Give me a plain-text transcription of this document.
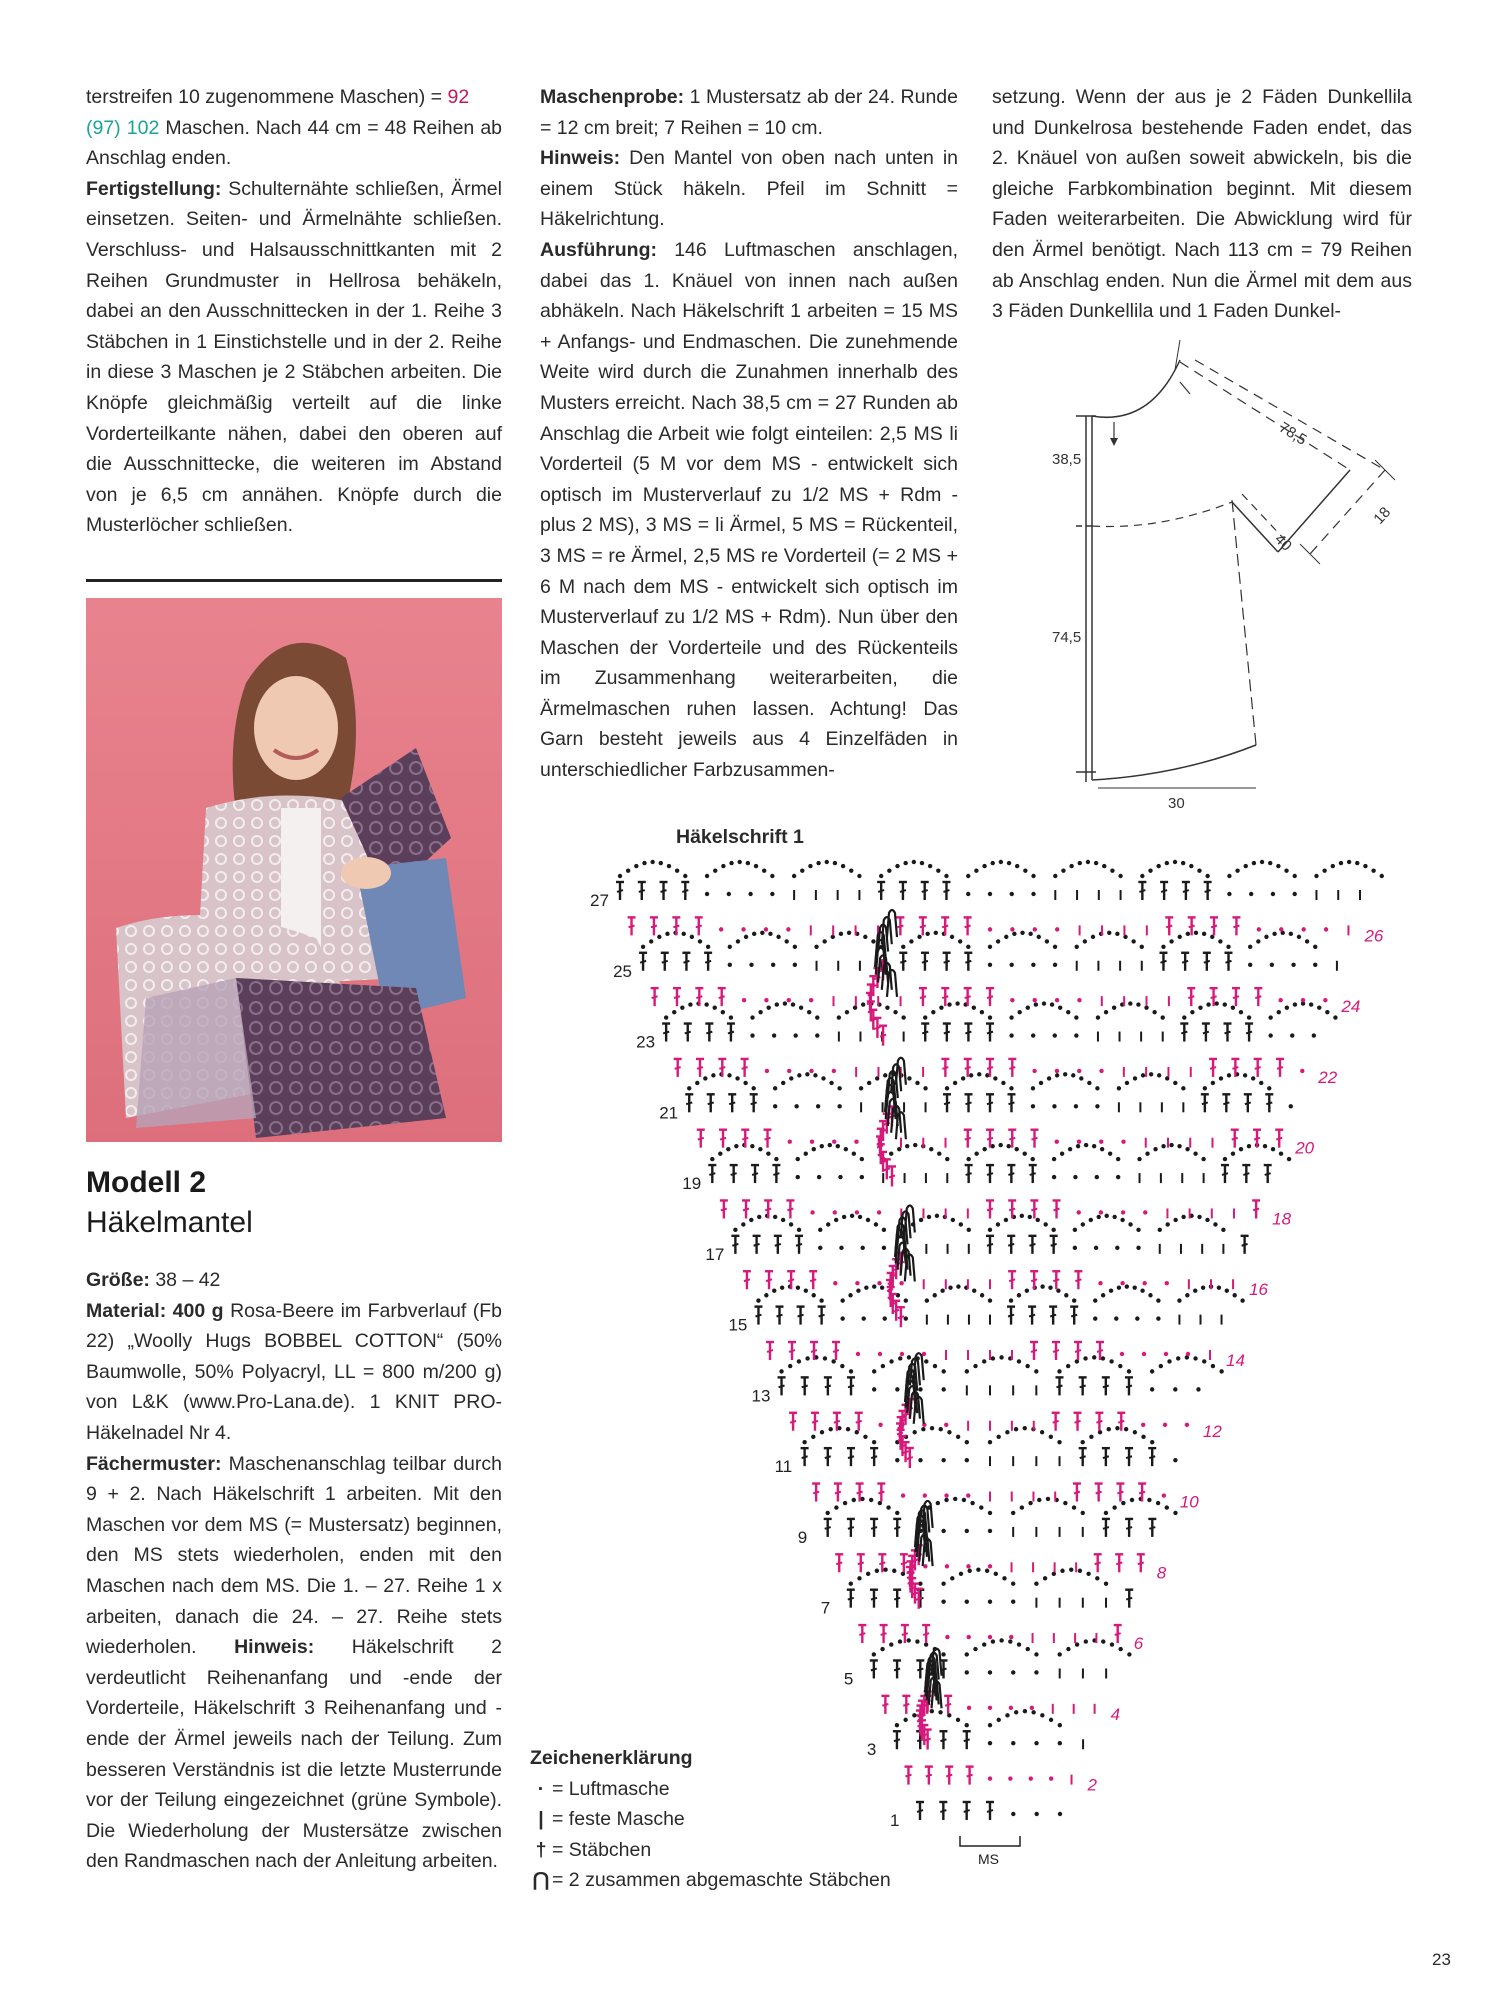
terstreifen 10 zugenommene Maschen) = 92
(97) 102 Maschen. Nach 44 cm = 48 Reihen ab Anschlag enden.

Fertigstellung: Schulternähte schließen, Ärmel einsetzen. Seiten- und Ärmelnähte schließen. Verschluss- und Halsausschnittkanten mit 2 Reihen Grundmuster in Hellrosa behäkeln, dabei an den Ausschnittecken in der 1. Reihe 3 Stäbchen in 1 Einstichstelle und in der 2. Reihe in diese 3 Maschen je 2 Stäbchen arbeiten. Die Knöpfe gleichmäßig verteilt auf die linke Vorderteilkante nähen, dabei den oberen auf die Ausschnittecke, die weiteren im Abstand von je 6,5 cm annähen. Knöpfe durch die Musterlöcher schließen.

Modell 2
Häkelmantel

Größe: 38 – 42

Material: 400 g Rosa-Beere im Farbverlauf (Fb 22) „Woolly Hugs BOBBEL COTTON“ (50% Baumwolle, 50% Polyacryl, LL = 800 m/200 g) von L&K (www.Pro-Lana.de). 1 KNIT PRO-Häkelnadel Nr 4.

Fächermuster: Maschenanschlag teilbar durch 9 + 2. Nach Häkelschrift 1 arbeiten. Mit den Maschen vor dem MS (= Mustersatz) beginnen, den MS stets wiederholen, enden mit den Maschen nach dem MS. Die 1. – 27. Reihe 1 x arbeiten, danach die 24. – 27. Reihe stets wiederholen. Hinweis: Häkelschrift 2 verdeutlicht Reihenanfang und -ende der Vorderteile, Häkelschrift 3 Reihenanfang und -ende der Ärmel jeweils nach der Teilung. Zum besseren Verständnis ist die letzte Musterrunde vor der Teilung eingezeichnet (grüne Symbole). Die Wiederholung der Mustersätze zwischen den Randmaschen nach der Anleitung arbeiten.

Maschenprobe: 1 Mustersatz ab der 24. Runde = 12 cm breit; 7 Reihen = 10 cm.

Hinweis: Den Mantel von oben nach unten in einem Stück häkeln. Pfeil im Schnitt = Häkelrichtung.

Ausführung: 146 Luftmaschen anschlagen, dabei das 1. Knäuel von innen nach außen abhäkeln. Nach Häkelschrift 1 arbeiten = 15 MS + Anfangs- und Endmaschen. Die zunehmende Weite wird durch die Zunahmen innerhalb des Musters erreicht. Nach 38,5 cm = 27 Runden ab Anschlag die Arbeit wie folgt einteilen: 2,5 MS li Vorderteil (5 M vor dem MS - entwickelt sich optisch im Musterverlauf zu 1/2 MS + Rdm - plus 2 MS), 3 MS = li Ärmel, 5 MS = Rückenteil, 3 MS = re Ärmel, 2,5 MS re Vorderteil (= 2 MS + 6 M nach dem MS - entwickelt sich optisch im Musterverlauf zu 1/2 MS + Rdm). Nun über den Maschen der Vorderteile und des Rückenteils im Zusammenhang weiterarbeiten, die Ärmelmaschen ruhen lassen. Achtung! Das Garn besteht jeweils aus 4 Einzelfäden in unterschiedlicher Farbzusammen-

setzung. Wenn der aus je 2 Fäden Dunkellila und Dunkelrosa bestehende Faden endet, das 2. Knäuel von außen soweit abwickeln, bis die gleiche Farbkombination beginnt. Mit diesem Faden weiterarbeiten. Die Abwicklung wird für den Ärmel benötigt. Nach 113 cm = 79 Reihen ab Anschlag enden. Nun die Ärmel mit dem aus 3 Fäden Dunkellila und 1 Faden Dunkel-

38,5
74,5
78,5
40
18
30
Häkelschrift 1
1
3
5
7
9
11
13
15
17
19
21
23
25
27
2
4
6
8
10
12
14
16
18
20
22
24
26
MS
Zeichenerklärung
· = Luftmasche
| = feste Masche
† = Stäbchen
⋂ = 2 zusammen abgemaschte Stäbchen
23
